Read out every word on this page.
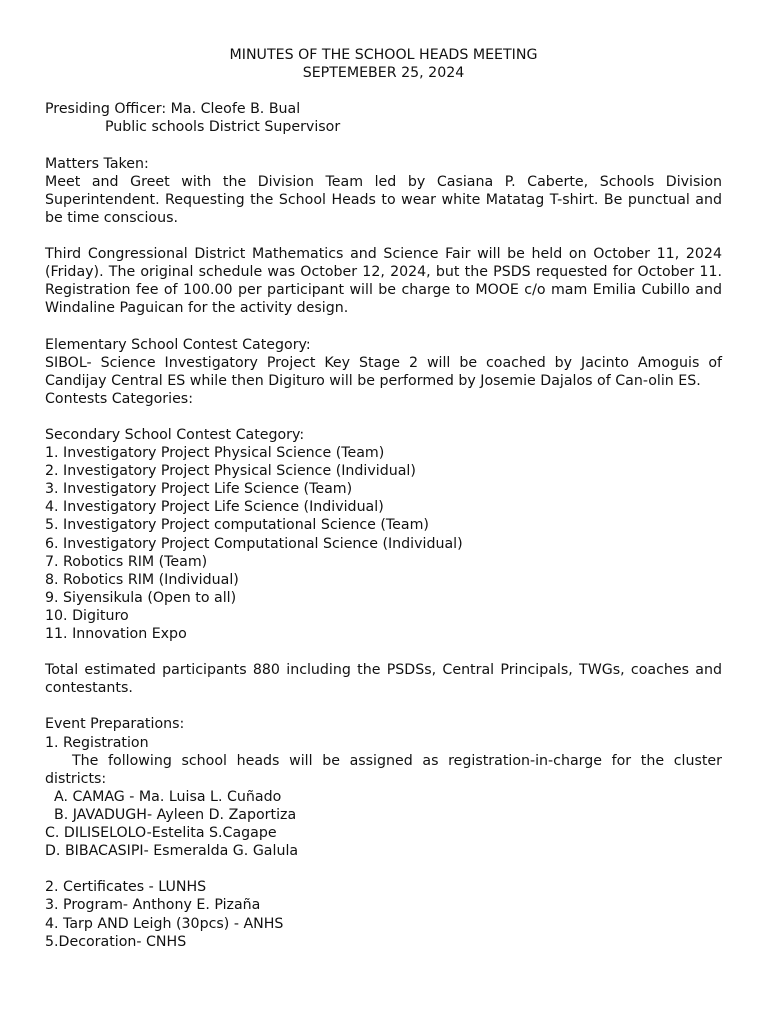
MINUTES OF THE SCHOOL HEADS MEETING
SEPTEMEBER 25, 2024
Presiding Officer: Ma. Cleofe B. Bual
Public schools District Supervisor
Matters Taken:

Meet and Greet with the Division Team led by Casiana P. Caberte, Schools Division Superintendent. Requesting the School Heads to wear white Matatag T-shirt. Be punctual and be time conscious.

Third Congressional District Mathematics and Science Fair will be held on October 11, 2024 (Friday). The original schedule was October 12, 2024, but the PSDS requested for October 11. Registration fee of 100.00 per participant will be charge to MOOE c/o mam Emilia Cubillo and Windaline Paguican for the activity design.

Elementary School Contest Category:

SIBOL- Science Investigatory Project Key Stage 2 will be coached by Jacinto Amoguis of Candijay Central ES while then Digituro will be performed by Josemie Dajalos of Can-olin ES.

Contests Categories:
Secondary School Contest Category:
1. Investigatory Project Physical Science (Team)
2. Investigatory Project Physical Science (Individual)
3. Investigatory Project Life Science (Team)
4. Investigatory Project Life Science (Individual)
5. Investigatory Project computational Science (Team)
6. Investigatory Project Computational Science (Individual)
7. Robotics RIM (Team)
8. Robotics RIM (Individual)
9. Siyensikula (Open to all)
10. Digituro
11. Innovation Expo

Total estimated participants 880 including the PSDSs, Central Principals, TWGs, coaches and contestants.

Event Preparations:
1. Registration

The following school heads will be assigned as registration-in-charge for the cluster districts:

A. CAMAG - Ma. Luisa L. Cuñado
B. JAVADUGH- Ayleen D. Zaportiza
C. DILISELOLO-Estelita S.Cagape
D. BIBACASIPI- Esmeralda G. Galula
2. Certificates - LUNHS
3. Program- Anthony E. Pizaña
4. Tarp AND Leigh (30pcs) - ANHS
5.Decoration- CNHS
